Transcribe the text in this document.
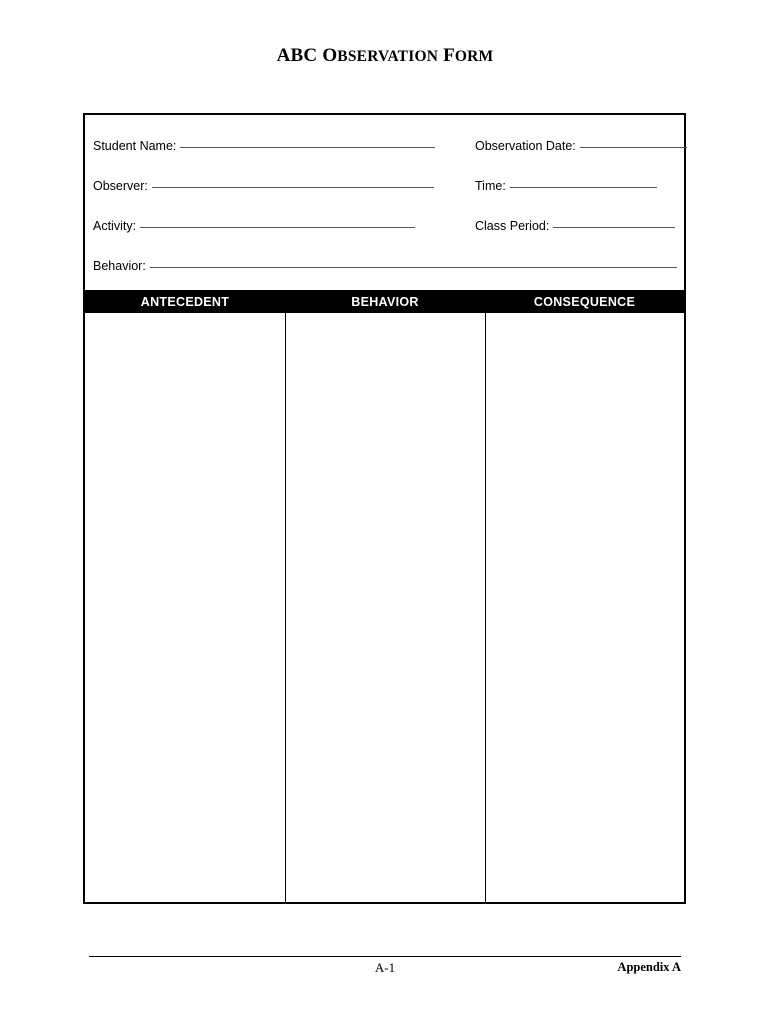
ABC OBSERVATION FORM
Student Name:
Observer:
Activity:
Behavior:
Observation Date:
Time:
Class Period:
ANTECEDENT	BEHAVIOR	CONSEQUENCE
A-1	Appendix A
